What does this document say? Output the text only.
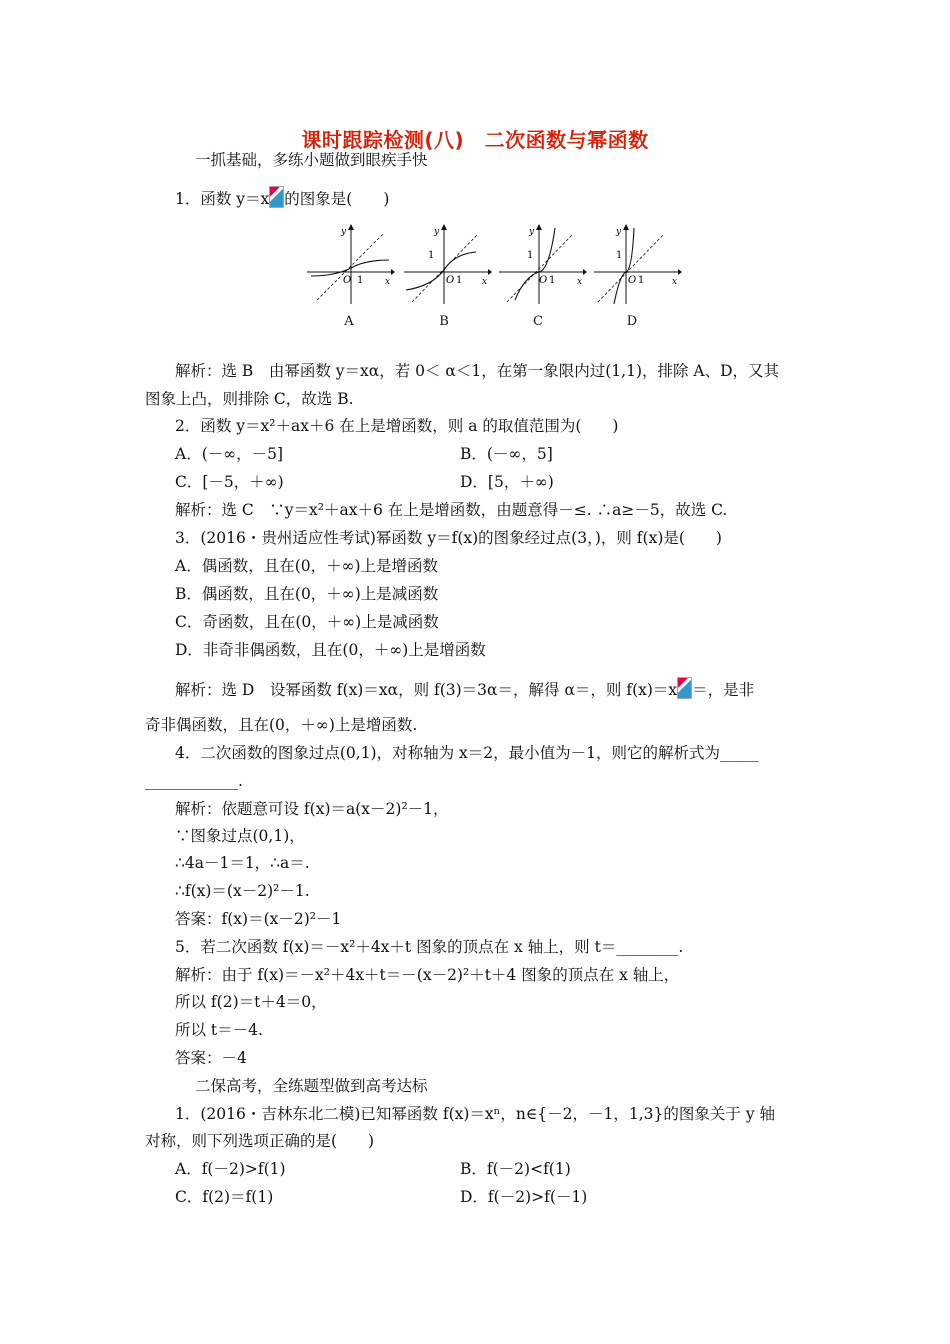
课时跟踪检测(八)　二次函数与幂函数
一抓基础，多练小题做到眼疾手快
1．函数 y＝x 的图象是(　　)
y
x
O 1
A
y
1
x
O 1
B
y
1
x
O 1
C
y
1
x
O 1
D
解析：选 B　由幂函数 y＝xα，若 0＜ α＜1，在第一象限内过(1,1)，排除 A、D，又其
图象上凸，则排除 C，故选 B.
2．函数 y＝x²＋ax＋6 在上是增函数，则 a 的取值范围为(　　)
A．(－∞，－5]	B．(－∞，5]
C．[－5，＋∞)	D．[5，＋∞)
解析：选 C　∵y＝x²＋ax＋6 在上是增函数，由题意得－≤. ∴a≥－5，故选 C.
3．(2016・贵州适应性考试)幂函数 y＝f(x)的图象经过点(3，)，则 f(x)是(　　)
A．偶函数，且在(0，＋∞)上是增函数
B．偶函数，且在(0，＋∞)上是减函数
C．奇函数，且在(0，＋∞)上是减函数
D．非奇非偶函数，且在(0，＋∞)上是增函数
解析：选 D　设幂函数 f(x)＝xα，则 f(3)＝3α＝，解得 α＝，则 f(x)＝x ＝，是非
奇非偶函数，且在(0，＋∞)上是增函数.
4．二次函数的图象过点(0,1)，对称轴为 x＝2，最小值为－1，则它的解析式为_____
____________.
解析：依题意可设 f(x)＝a(x－2)²－1，
∵图象过点(0,1)，
∴4a－1＝1，∴a＝.
∴f(x)＝(x－2)²－1.
答案：f(x)＝(x－2)²－1
5．若二次函数 f(x)＝－x²＋4x＋t 图象的顶点在 x 轴上，则 t＝________.
解析：由于 f(x)＝－x²＋4x＋t＝－(x－2)²＋t＋4 图象的顶点在 x 轴上，
所以 f(2)＝t＋4＝0，
所以 t＝－4.
答案：－4
二保高考，全练题型做到高考达标
1．(2016・吉林东北二模)已知幂函数 f(x)＝xⁿ，n∈{－2，－1，1,3}的图象关于 y 轴
对称，则下列选项正确的是(　　)
A．f(－2)>f(1)	B．f(－2)<f(1)
C．f(2)＝f(1)	D．f(－2)>f(－1)
